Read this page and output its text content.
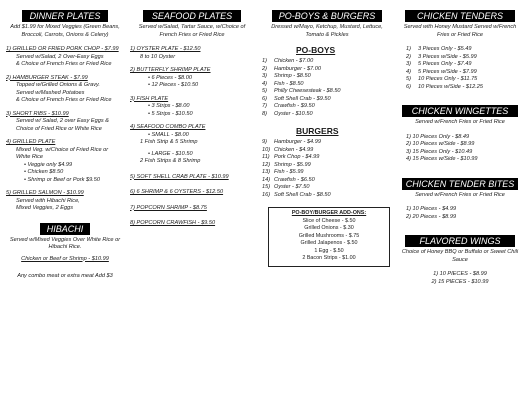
DINNER PLATES
Add $1.99 for Mixed Veggies (Green Beans, Broccoli, Carrots, Onions & Celery)
1) GRILLED OR FRIED PORK CHOP - $7.99
Served w/Salad, 2 Over-Easy Eggs
& Choice of French Fries or Fried Rice
2) HAMBURGER STEAK - $7.99
Topped w/Grilled Onions & Gravy.
Served w/Mashed Potatoes
& Choice of French Fries or Fried Rice
3) SHORT RIBS - $10.99
Served w/ Salad, 2 over Easy Eggs &
Choice of Fried Rice or White Rice
4) GRILLED PLATE
Mixed Veg. w/Choice of Fried Rice or
White Rice
• Veggie only $4.99
• Chicken $8.50
• Shrimp or Beef or Pork $9.50
5) GRILLED SALMON - $10.99
Served with Hibachi Rice,
Mixed Veggies, 2 Eggs
HIBACHI
Served w/Mixed Veggies Over White Rice or Hibachi Rice.
Chicken or Beef or Shrimp - $10.99
Any combo meat or extra meat Add $3
SEAFOOD PLATES
Served w/Salad, Tartar Sauce, w/Choice of French Fries or Fried Rice
1) OYSTER PLATE - $12.50
8 to 10 Oyster
2) BUTTERFLY SHRIMP PLATE
• 6 Pieces - $8.00
• 12 Pieces - $10.50
3) FISH PLATE
• 3 Strips - $8.00
• 5 Strips - $10.50
4) SEAFOOD COMBO PLATE
• SMALL - $8.00
1 Fish Strip & 5 Shrimp
• LARGE - $10.50
2 Fish Strips & 8 Shrimp
5) SOFT SHELL CRAB PLATE - $10.99
6) 6 SHRIMP & 6 OYSTERS - $12.50
7) POPCORN SHRIMP - $8.75
8) POPCORN CRAWFISH - $9.50
PO-BOYS & BURGERS
Dressed w/Mayo, Ketchup, Mustard, Lettuce, Tomato & Pickles
PO-BOYS
1)	Chicken - $7.00
2)	Hamburger - $7.00
3)	Shrimp - $8.50
4)	Fish - $8.50
5)	Philly Cheesesteak - $8.50
6)	Soft Shell Crab - $9.50
7)	Crawfish - $9.50
8)	Oyster - $10.50
BURGERS
9)	Hamburger - $4.99
10) Chicken - $4.99
11) Pork Chop - $4.99
12) Shrimp - $5.99
13) Fish - $5.99
14) Crawfish - $6.50
15) Oyster - $7.50
16) Soft Shell Crab - $8.50
PO-BOY/BURGER ADD-ONS:
Slice of Cheese - $.50
Grilled Onions - $.30
Grilled Mushrooms - $.75
Grilled Jalapenos - $.50
1 Egg - $.50
2 Bacon Strips - $1.00
CHICKEN TENDERS
Served with Honey Mustard Served w/French Fries or Fried Rice
1)	3 Pieces Only - $5.49
2)	3 Pieces w/Side - $5.99
3)	5 Pieces Only - $7.49
4)	5 Pieces w/Side - $7.99
5)	10 Pieces Only - $11.75
6)	10 Pieces w/Side - $12.25
CHICKEN WINGETTES
Served w/French Fries or Fried Rice
1) 10 Pieces Only - $8.49
2) 10 Pieces w/Side - $8.99
3) 15 Pieces Only - $10.49
4) 15 Pieces w/Side - $10.99
CHICKEN TENDER BITES
Served w/French Fries or Fried Rice
1) 10 Pieces - $4.99
2) 20 Pieces - $8.99
FLAVORED WINGS
Choice of Honey BBQ or Buffalo or Sweet Chili Sauce
1) 10 PIECES - $8.99
2) 15 PIECES - $10.99
